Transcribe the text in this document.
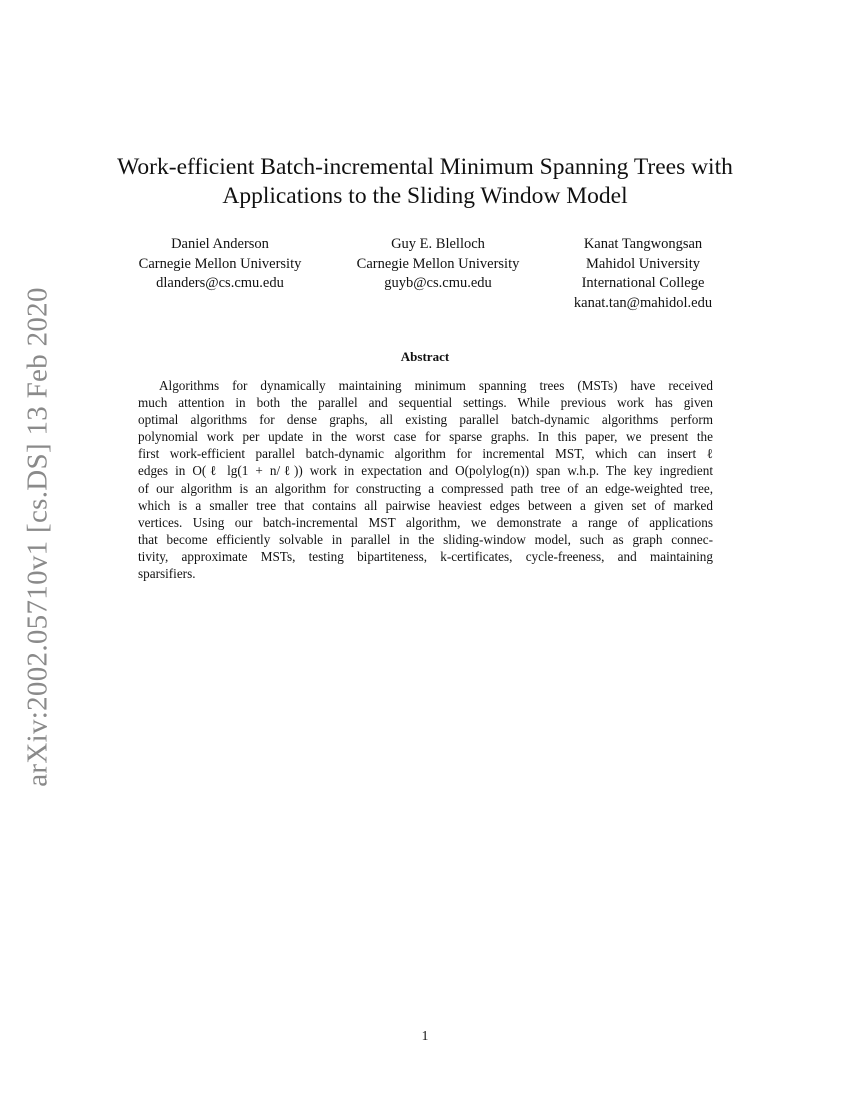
arXiv:2002.05710v1 [cs.DS] 13 Feb 2020
Work-efficient Batch-incremental Minimum Spanning Trees with
Applications to the Sliding Window Model
Daniel Anderson
Carnegie Mellon University
dlanders@cs.cmu.edu
Guy E. Blelloch
Carnegie Mellon University
guyb@cs.cmu.edu
Kanat Tangwongsan
Mahidol University
International College
kanat.tan@mahidol.edu
Abstract
Algorithms for dynamically maintaining minimum spanning trees (MSTs) have received
much attention in both the parallel and sequential settings. While previous work has given
optimal algorithms for dense graphs, all existing parallel batch-dynamic algorithms perform
polynomial work per update in the worst case for sparse graphs. In this paper, we present the
first work-efficient parallel batch-dynamic algorithm for incremental MST, which can insert ℓ
edges in O(ℓ lg(1 + n/ℓ)) work in expectation and O(polylog(n)) span w.h.p. The key ingredient
of our algorithm is an algorithm for constructing a compressed path tree of an edge-weighted tree,
which is a smaller tree that contains all pairwise heaviest edges between a given set of marked
vertices. Using our batch-incremental MST algorithm, we demonstrate a range of applications
that become efficiently solvable in parallel in the sliding-window model, such as graph connec-
tivity, approximate MSTs, testing bipartiteness, k-certificates, cycle-freeness, and maintaining
sparsifiers.
1
